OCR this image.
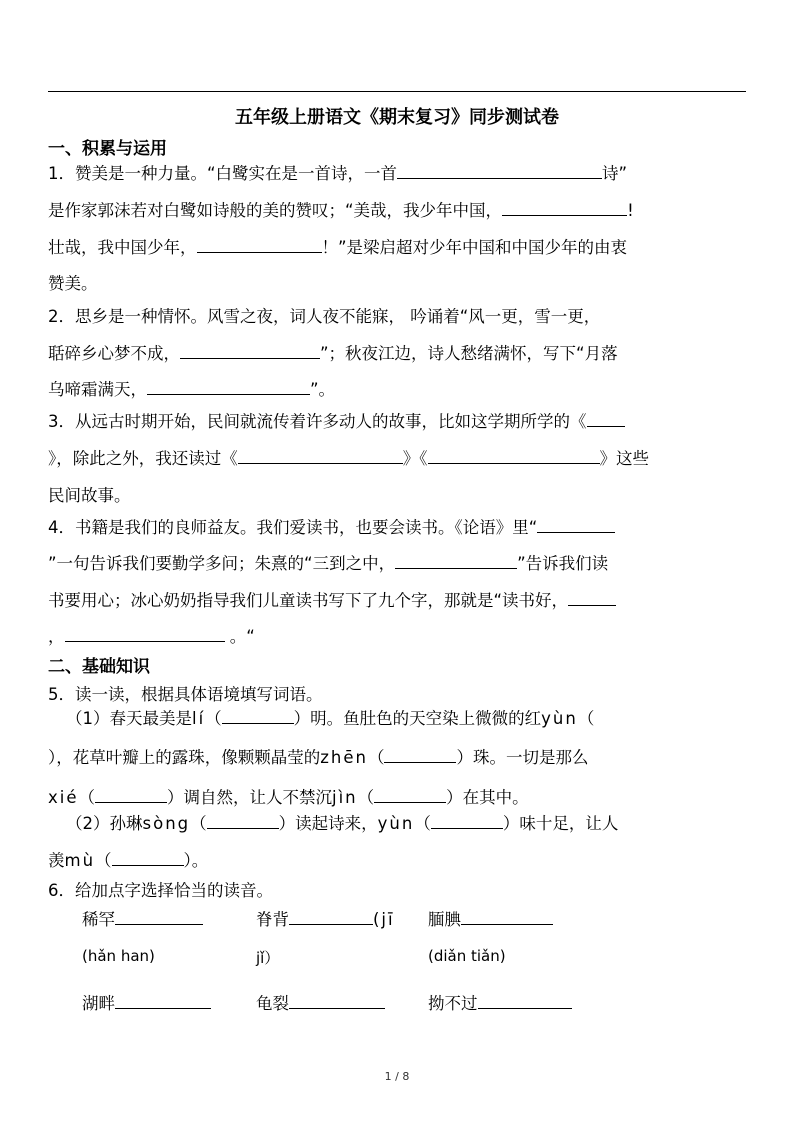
五年级上册语文《期末复习》同步测试卷
一、积累与运用
1．赞美是一种力量。“白鹭实在是一首诗，一首	诗”
是作家郭沫若对白鹭如诗般的美的赞叹；“美哉，我少年中国，	!
壮哉，我中国少年，	！”是梁启超对少年中国和中国少年的由衷
赞美。
2．思乡是一种情怀。风雪之夜，词人夜不能寐， 吟诵着“风一更，雪一更，
聒碎乡心梦不成，	”；秋夜江边，诗人愁绪满怀，写下“月落
乌啼霜满天，	”。
3．从远古时期开始，民间就流传着许多动人的故事，比如这学期所学的《
》，除此之外，我还读过《	》《	》这些
民间故事。
4．书籍是我们的良师益友。我们爱读书，也要会读书。《论语》里“
”一句告诉我们要勤学多问；朱熹的“三到之中，	”告诉我们读
书要用心；冰心奶奶指导我们儿童读书写下了九个字，那就是“读书好，
，	。“
二、基础知识
5．读一读，根据具体语境填写词语。
（1）春天最美是lí（	）明。鱼肚色的天空染上微微的红yùn（
），花草叶瓣上的露珠，像颗颗晶莹的zhēn（	）珠。一切是那么
xié（	）调自然，让人不禁沉jìn（	）在其中。
（2）孙琳sòng（	）读起诗来，yùn（	）味十足，让人
羡mù（	）。
6．给加点字选择恰当的读音。
稀罕	脊背	(jī 腼腆
(hǎn han)	jǐ）	(diǎn tiǎn)
湖畔	龟裂	拗不过
1 / 8
